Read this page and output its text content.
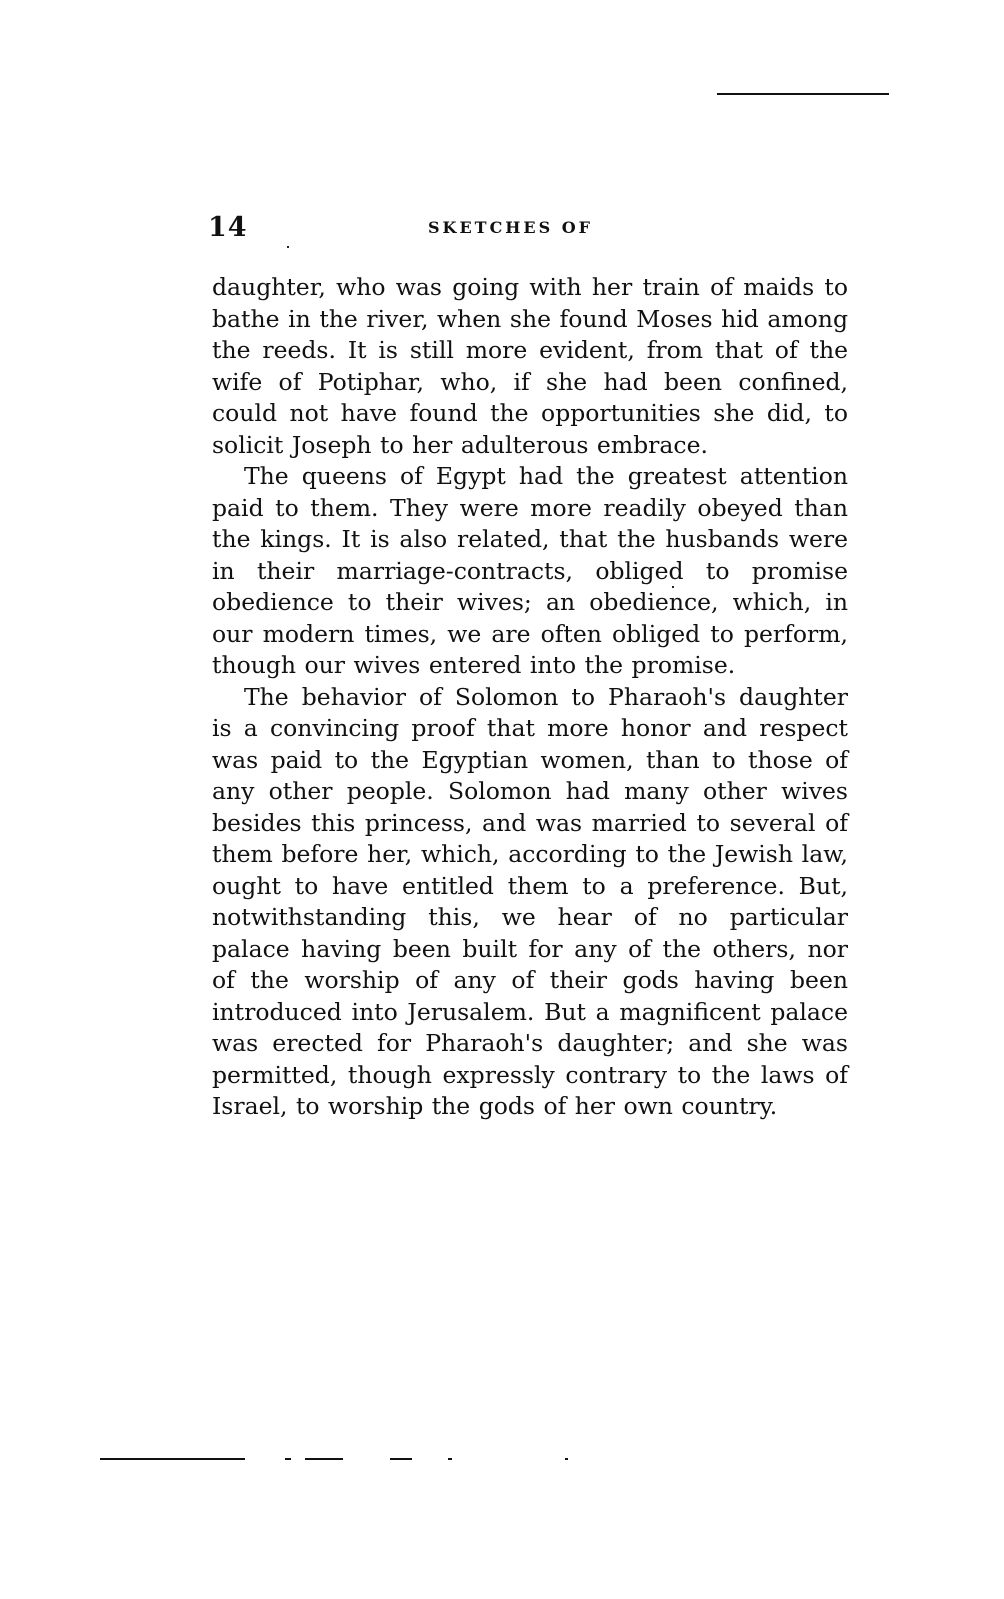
14	SKETCHES OF

daughter, who was going with her train of maids to bathe in the river, when she found Moses hid among the reeds. It is still more evident, from that of the wife of Potiphar, who, if she had been confined, could not have found the opportunities she did, to solicit Joseph to her adulterous embrace.

The queens of Egypt had the greatest attention paid to them. They were more readily obeyed than the kings. It is also related, that the husbands were in their marriage-contracts, obliged to promise obedience to their wives; an obedience, which, in our modern times, we are often obliged to perform, though our wives entered into the promise.

The behavior of Solomon to Pharaoh's daughter is a convincing proof that more honor and respect was paid to the Egyptian women, than to those of any other people. Solomon had many other wives besides this princess, and was married to several of them before her, which, according to the Jewish law, ought to have entitled them to a preference. But, notwithstanding this, we hear of no particular palace having been built for any of the others, nor of the worship of any of their gods having been introduced into Jerusalem. But a magnificent palace was erected for Pharaoh's daughter; and she was permitted, though expressly contrary to the laws of Israel, to worship the gods of her own country.
